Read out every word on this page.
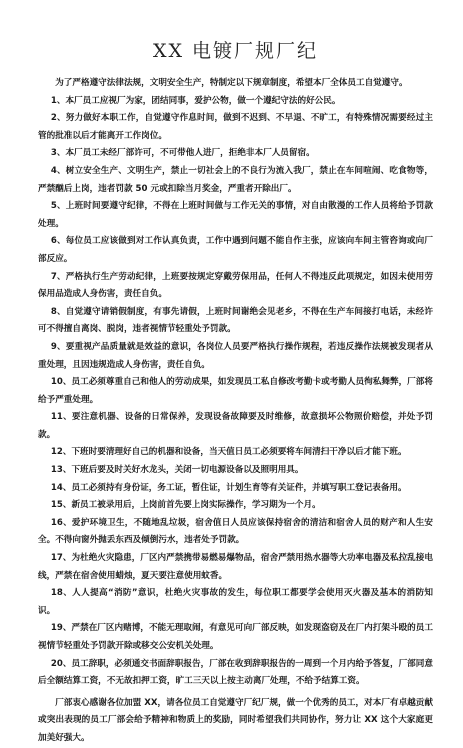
XX 电镀厂规厂纪

为了严格遵守法律法规，文明安全生产，特制定以下规章制度，希望本厂全体员工自觉遵守。

1、本厂员工应视厂为家，团结同事，爱护公物，做一个遵纪守法的好公民。

2、努力做好本职工作，自觉遵守作息时间，做到不迟到、不早退、不旷工，有特殊情况需要经过主管的批准以后才能离开工作岗位。

3、本厂员工未经厂部许可，不可带他人进厂，拒绝非本厂人员留宿。

4、树立安全生产、文明生产，禁止一切社会上的不良行为流入我厂，禁止在车间喧闹、吃食物等，严禁酗后上岗，违者罚款 50 元或扣除当月奖金，严重者开除出厂。

5、上班时间要遵守纪律，不得在上班时间做与工作无关的事情，对自由散漫的工作人员将给予罚款处理。

6、每位员工应该做到对工作认真负责，工作中遇到问题不能自作主张，应该向车间主管咨询或向厂部反应。

7、严格执行生产劳动纪律，上班要按规定穿戴劳保用品，任何人不得违反此项规定，如因未使用劳保用品造成人身伤害，责任自负。

8、自觉遵守请销假制度，有事先请假，上班时间谢绝会见老乡，不得在生产车间接打电话，未经许可不得擅自离岗、脱岗，违者视情节轻重处予罚款。

9、要重视产品质量就是效益的意识，各岗位人员要严格执行操作规程，若违反操作法规被发现者从重处理，且因违规造成人身伤害，责任自负。

10、员工必须尊重自己和他人的劳动成果，如发现员工私自修改考勤卡或考勤人员徇私舞弊，厂部将给予严重处理。

11、要注意机器、设备的日常保养，发现设备故障要及时维修，故意损坏公物照价赔偿，并处予罚款。

12、下班时要清理好自己的机器和设备，当天值日员工必须要将车间清扫干净以后才能下班。

13、下班后要及时关好水龙头，关闭一切电源设备以及照明用具。

14、员工必须持有身份证，务工证，暂住证，计划生育等有关证件，并填写职工登记表备用。

15、新员工被录用后，上岗前首先要上岗实际操作，学习期为一个月。

16、爱护环境卫生，不随地乱垃圾，宿舍值日人员应该保持宿舍的清洁和宿舍人员的财产和人生安全。不得向窗外抛丢东西及倾倒污水，违者处予罚款。

17、为杜绝火灾隐患，厂区内严禁携带易燃易爆物品，宿舍严禁用热水器等大功率电器及私拉乱接电线，严禁在宿舍使用蜡烛，夏天要注意使用蚊香。

18、人人提高“消防”意识，杜绝火灾事故的发生，每位职工都要学会使用灭火器及基本的消防知识。

19、严禁在厂区内赌博，不能无理取闹，有意见可向厂部反映，如发现盗窃及在厂内打架斗殴的员工视情节轻重处予罚款开除或移交公安机关处理。

20、员工辞职，必须通交书面辞职报告，厂部在收到辞职报告的一周到一个月内给予答复，厂部同意后全额结算工资，不无故扣押工资，旷工三天以上按主动离厂处理，不给予结算工资。

厂部衷心感谢各位加盟 XX，请各位员工自觉遵守厂纪厂规，做一个优秀的员工，对本厂有卓越贡献或突出表现的员工厂部会给予精神和物质上的奖励，同时希望我们共同协作，努力让 XX 这个大家庭更加美好强大。
